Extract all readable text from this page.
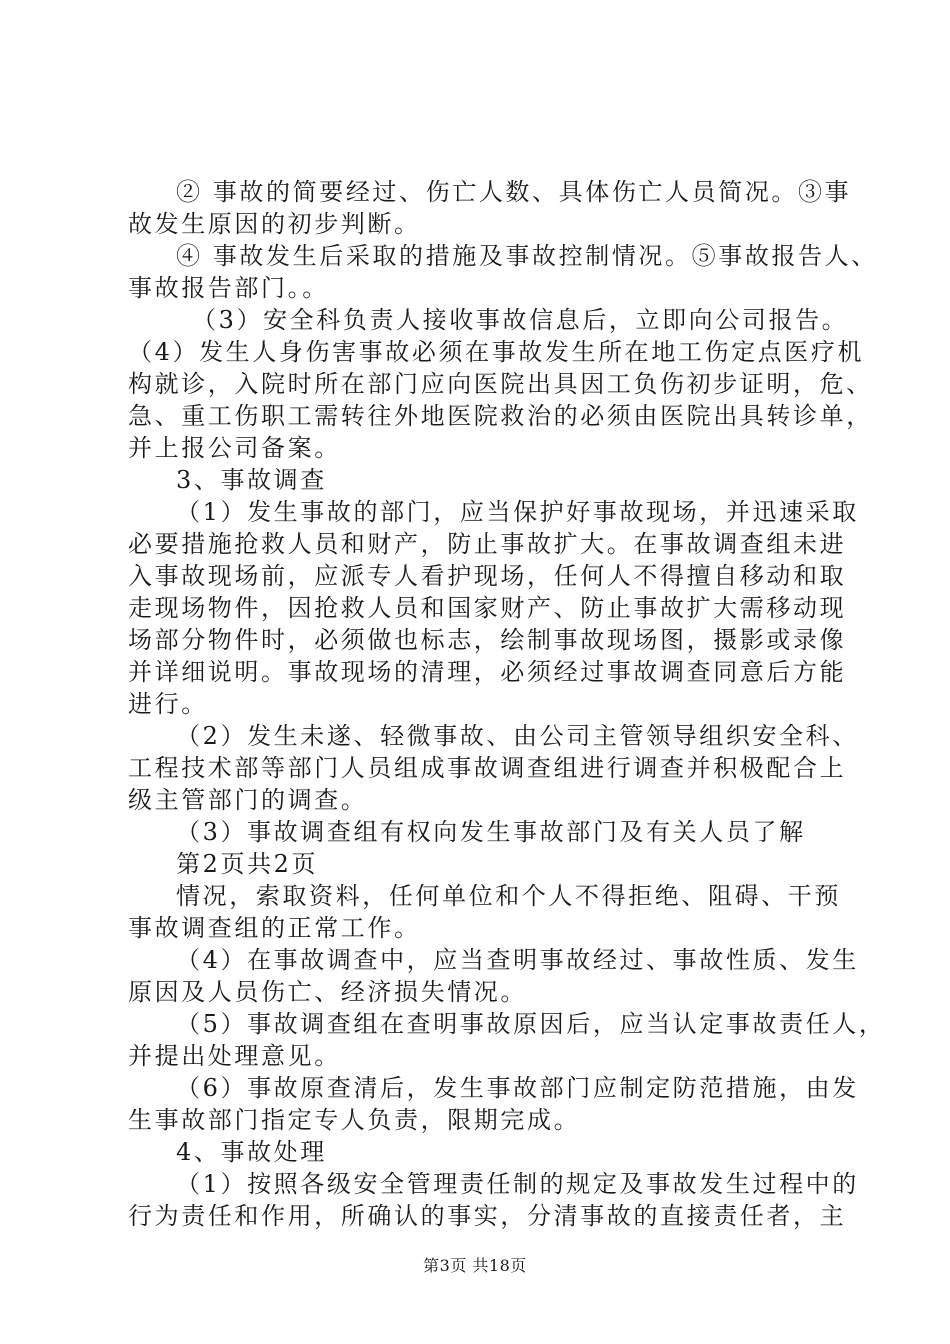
② 事故的简要经过、伤亡人数、具体伤亡人员简况。③事
故发生原因的初步判断。
④ 事故发生后采取的措施及事故控制情况。⑤事故报告人、
事故报告部门。。
（3）安全科负责人接收事故信息后，立即向公司报告。
（4）发生人身伤害事故必须在事故发生所在地工伤定点医疗机
构就诊，入院时所在部门应向医院出具因工负伤初步证明，危、
急、重工伤职工需转往外地医院救治的必须由医院出具转诊单，
并上报公司备案。
3、事故调查
（1）发生事故的部门，应当保护好事故现场，并迅速采取
必要措施抢救人员和财产，防止事故扩大。在事故调查组未进
入事故现场前，应派专人看护现场，任何人不得擅自移动和取
走现场物件，因抢救人员和国家财产、防止事故扩大需移动现
场部分物件时，必须做也标志，绘制事故现场图，摄影或录像
并详细说明。事故现场的清理，必须经过事故调查同意后方能
进行。
（2）发生未遂、轻微事故、由公司主管领导组织安全科、
工程技术部等部门人员组成事故调查组进行调查并积极配合上
级主管部门的调查。
（3）事故调查组有权向发生事故部门及有关人员了解
第2页共2页
情况，索取资料，任何单位和个人不得拒绝、阻碍、干预
事故调查组的正常工作。
（4）在事故调查中，应当查明事故经过、事故性质、发生
原因及人员伤亡、经济损失情况。
（5）事故调查组在查明事故原因后，应当认定事故责任人，
并提出处理意见。
（6）事故原查清后，发生事故部门应制定防范措施，由发
生事故部门指定专人负责，限期完成。
4、事故处理
（1）按照各级安全管理责任制的规定及事故发生过程中的
行为责任和作用，所确认的事实，分清事故的直接责任者，主
第3页 共18页
